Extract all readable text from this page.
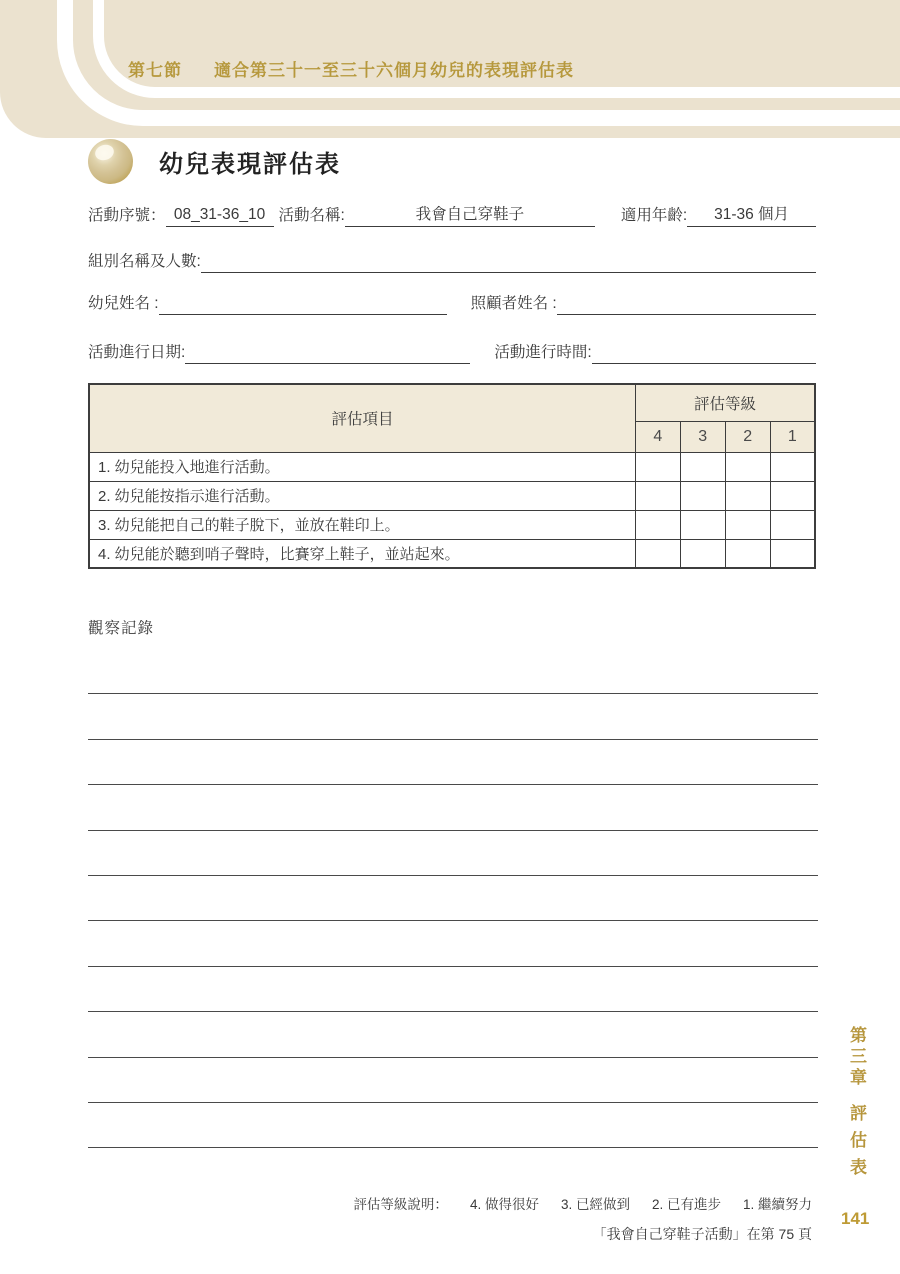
第七節 適合第三十一至三十六個月幼兒的表現評估表
幼兒表現評估表
活動序號： 08_31-36_10 活動名稱:	我會自己穿鞋子	適用年齡:	31-36 個月
組別名稱及人數:
幼兒姓名 :	照顧者姓名 :
活動進行日期:	活動進行時間:
評估項目	評估等級			
	4	3	2	1
1. 幼兒能投入地進行活動。				
2. 幼兒能按指示進行活動。				
3. 幼兒能把自己的鞋子脫下，並放在鞋印上。				
4. 幼兒能於聽到哨子聲時，比賽穿上鞋子，並站起來。				
觀察記錄
第三章
評估表
評估等級說明： 4. 做得很好 3. 已經做到 2. 已有進步 1. 繼續努力
「我會自己穿鞋子活動」在第 75 頁
141
